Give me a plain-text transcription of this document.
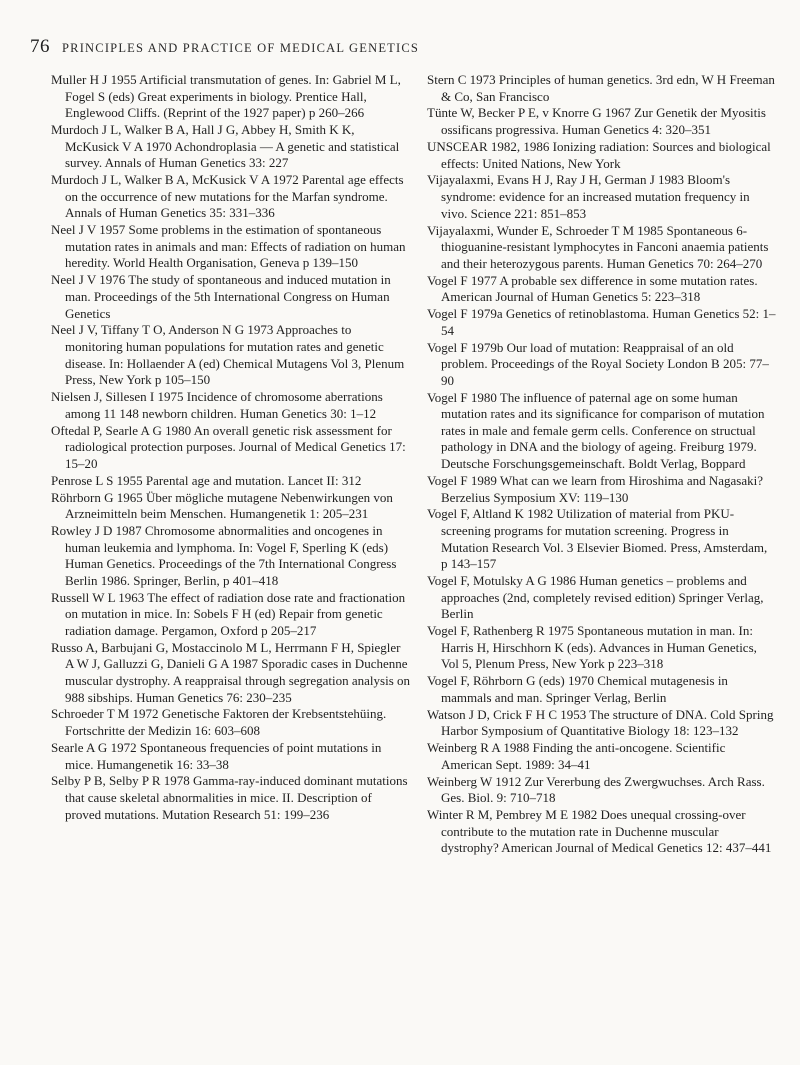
76 PRINCIPLES AND PRACTICE OF MEDICAL GENETICS

Muller H J 1955 Artificial transmutation of genes. In: Gabriel M L, Fogel S (eds) Great experiments in biology. Prentice Hall, Englewood Cliffs. (Reprint of the 1927 paper) p 260–266

Murdoch J L, Walker B A, Hall J G, Abbey H, Smith K K, McKusick V A 1970 Achondroplasia — A genetic and statistical survey. Annals of Human Genetics 33: 227

Murdoch J L, Walker B A, McKusick V A 1972 Parental age effects on the occurrence of new mutations for the Marfan syndrome. Annals of Human Genetics 35: 331–336

Neel J V 1957 Some problems in the estimation of spontaneous mutation rates in animals and man: Effects of radiation on human heredity. World Health Organisation, Geneva p 139–150

Neel J V 1976 The study of spontaneous and induced mutation in man. Proceedings of the 5th International Congress on Human Genetics

Neel J V, Tiffany T O, Anderson N G 1973 Approaches to monitoring human populations for mutation rates and genetic disease. In: Hollaender A (ed) Chemical Mutagens Vol 3, Plenum Press, New York p 105–150

Nielsen J, Sillesen I 1975 Incidence of chromosome aberrations among 11 148 newborn children. Human Genetics 30: 1–12

Oftedal P, Searle A G 1980 An overall genetic risk assessment for radiological protection purposes. Journal of Medical Genetics 17: 15–20

Penrose L S 1955 Parental age and mutation. Lancet II: 312

Röhrborn G 1965 Über mögliche mutagene Nebenwirkungen von Arzneimitteln beim Menschen. Humangenetik 1: 205–231

Rowley J D 1987 Chromosome abnormalities and oncogenes in human leukemia and lymphoma. In: Vogel F, Sperling K (eds) Human Genetics. Proceedings of the 7th International Congress Berlin 1986. Springer, Berlin, p 401–418

Russell W L 1963 The effect of radiation dose rate and fractionation on mutation in mice. In: Sobels F H (ed) Repair from genetic radiation damage. Pergamon, Oxford p 205–217

Russo A, Barbujani G, Mostaccinolo M L, Herrmann F H, Spiegler A W J, Galluzzi G, Danieli G A 1987 Sporadic cases in Duchenne muscular dystrophy. A reappraisal through segregation analysis on 988 sibships. Human Genetics 76: 230–235

Schroeder T M 1972 Genetische Faktoren der Krebsentstehüing. Fortschritte der Medizin 16: 603–608

Searle A G 1972 Spontaneous frequencies of point mutations in mice. Humangenetik 16: 33–38

Selby P B, Selby P R 1978 Gamma-ray-induced dominant mutations that cause skeletal abnormalities in mice. II. Description of proved mutations. Mutation Research 51: 199–236

Stern C 1973 Principles of human genetics. 3rd edn, W H Freeman & Co, San Francisco

Tünte W, Becker P E, v Knorre G 1967 Zur Genetik der Myositis ossificans progressiva. Human Genetics 4: 320–351

UNSCEAR 1982, 1986 Ionizing radiation: Sources and biological effects: United Nations, New York

Vijayalaxmi, Evans H J, Ray J H, German J 1983 Bloom's syndrome: evidence for an increased mutation frequency in vivo. Science 221: 851–853

Vijayalaxmi, Wunder E, Schroeder T M 1985 Spontaneous 6-thioguanine-resistant lymphocytes in Fanconi anaemia patients and their heterozygous parents. Human Genetics 70: 264–270

Vogel F 1977 A probable sex difference in some mutation rates. American Journal of Human Genetics 5: 223–318

Vogel F 1979a Genetics of retinoblastoma. Human Genetics 52: 1–54

Vogel F 1979b Our load of mutation: Reappraisal of an old problem. Proceedings of the Royal Society London B 205: 77–90

Vogel F 1980 The influence of paternal age on some human mutation rates and its significance for comparison of mutation rates in male and female germ cells. Conference on structual pathology in DNA and the biology of ageing. Freiburg 1979. Deutsche Forschungsgemeinschaft. Boldt Verlag, Boppard

Vogel F 1989 What can we learn from Hiroshima and Nagasaki? Berzelius Symposium XV: 119–130

Vogel F, Altland K 1982 Utilization of material from PKU-screening programs for mutation screening. Progress in Mutation Research Vol. 3 Elsevier Biomed. Press, Amsterdam, p 143–157

Vogel F, Motulsky A G 1986 Human genetics – problems and approaches (2nd, completely revised edition) Springer Verlag, Berlin

Vogel F, Rathenberg R 1975 Spontaneous mutation in man. In: Harris H, Hirschhorn K (eds). Advances in Human Genetics, Vol 5, Plenum Press, New York p 223–318

Vogel F, Röhrborn G (eds) 1970 Chemical mutagenesis in mammals and man. Springer Verlag, Berlin

Watson J D, Crick F H C 1953 The structure of DNA. Cold Spring Harbor Symposium of Quantitative Biology 18: 123–132

Weinberg R A 1988 Finding the anti-oncogene. Scientific American Sept. 1989: 34–41

Weinberg W 1912 Zur Vererbung des Zwergwuchses. Arch Rass. Ges. Biol. 9: 710–718

Winter R M, Pembrey M E 1982 Does unequal crossing-over contribute to the mutation rate in Duchenne muscular dystrophy? American Journal of Medical Genetics 12: 437–441
